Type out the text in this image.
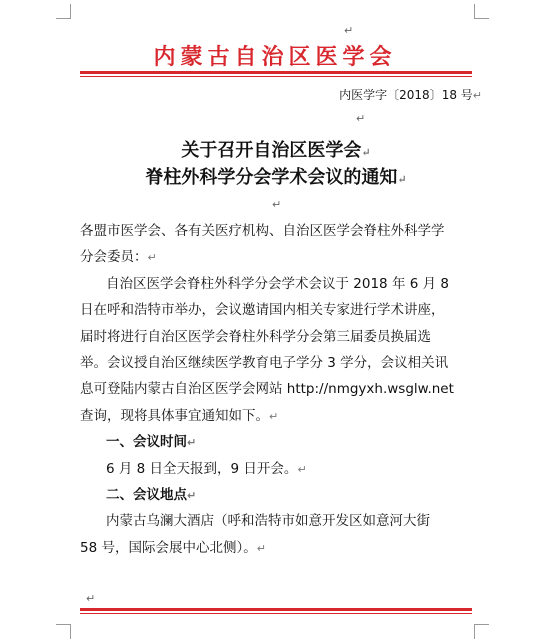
↵
内蒙古自治区医学会
内医学字〔2018〕18 号↵
↵
关于召开自治区医学会↵
脊柱外科学分会学术会议的通知↵
↵
各盟市医学会、各有关医疗机构、自治区医学会脊柱外科学学
分会委员：↵
自治区医学会脊柱外科学分会学术会议于 2018 年 6 月 8
日在呼和浩特市举办，会议邀请国内相关专家进行学术讲座，
届时将进行自治区医学会脊柱外科学分会第三届委员换届选
举。会议授自治区继续医学教育电子学分 3 学分，会议相关讯
息可登陆内蒙古自治区医学会网站 http://nmgyxh.wsglw.net
查询，现将具体事宜通知如下。↵
一、会议时间↵
6 月 8 日全天报到，9 日开会。↵
二、会议地点↵
内蒙古乌澜大酒店（呼和浩特市如意开发区如意河大街
58 号，国际会展中心北侧）。↵
↵
